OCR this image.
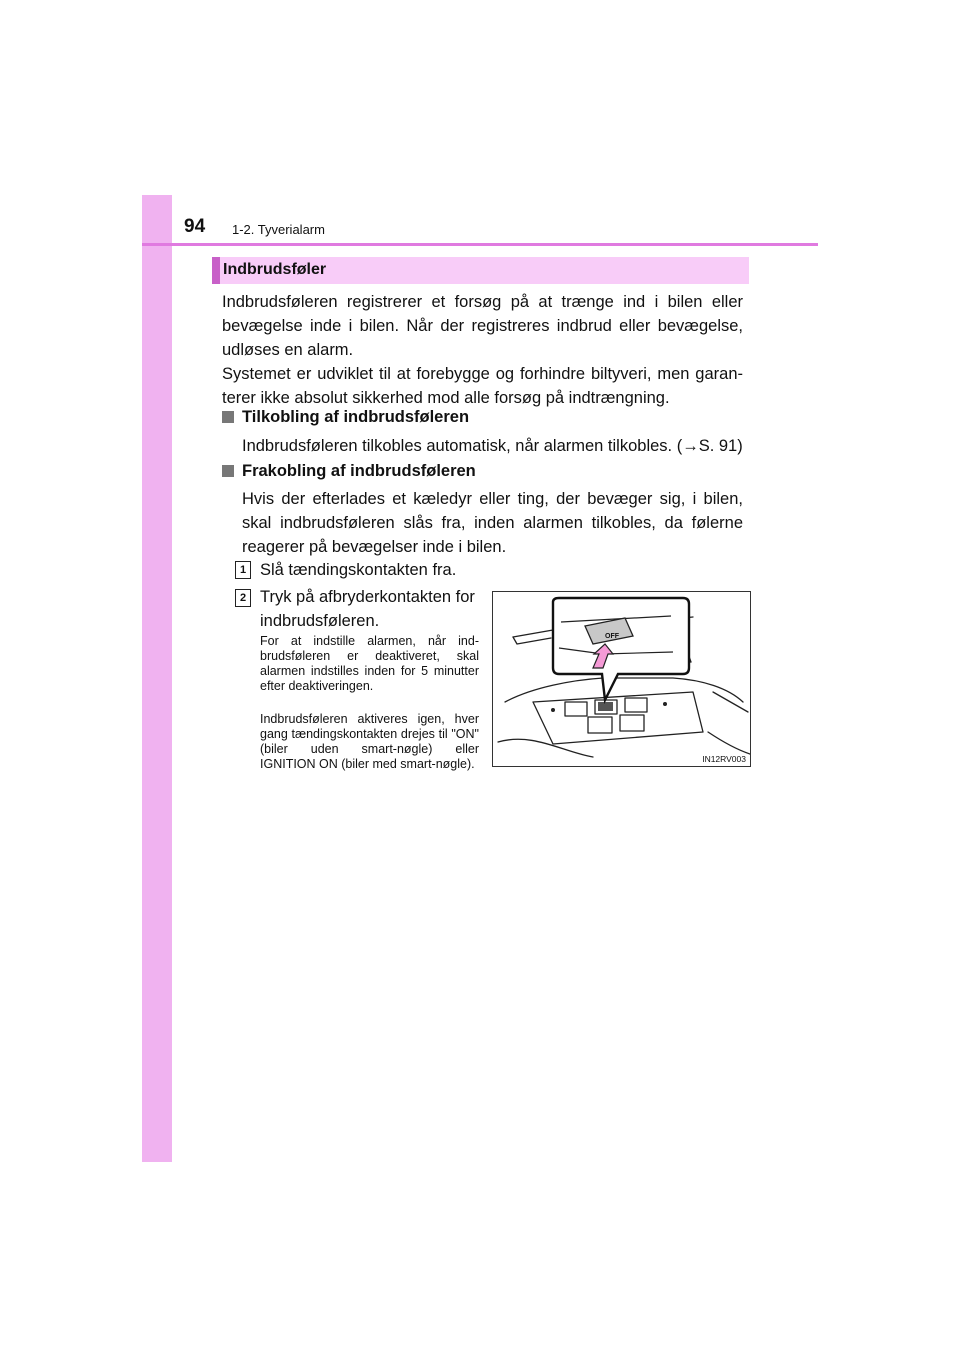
94 1-2. Tyverialarm
Indbrudsføler
Indbrudsføleren registrerer et forsøg på at trænge ind i bilen eller bevægelse inde i bilen. Når der registreres indbrud eller bevægelse, udløses en alarm.
Systemet er udviklet til at forebygge og forhindre biltyveri, men garan-terer ikke absolut sikkerhed mod alle forsøg på indtrængning.
Tilkobling af indbrudsføleren
Indbrudsføleren tilkobles automatisk, når alarmen tilkobles. (→S. 91)
Frakobling af indbrudsføleren
Hvis der efterlades et kæledyr eller ting, der bevæger sig, i bilen, skal indbrudsføleren slås fra, inden alarmen tilkobles, da følerne reagerer på bevægelser inde i bilen.
1 Slå tændingskontakten fra.
2 Tryk på afbryderkontakten for indbrudsføleren.
For at indstille alarmen, når ind-brudsføleren er deaktiveret, skal alarmen indstilles inden for 5 minutter efter deaktiveringen.
Indbrudsføleren aktiveres igen, hver gang tændingskontakten drejes til "ON" (biler uden smart-nøgle) eller IGNITION ON (biler med smart-nøgle).
OFF
IN12RV003
